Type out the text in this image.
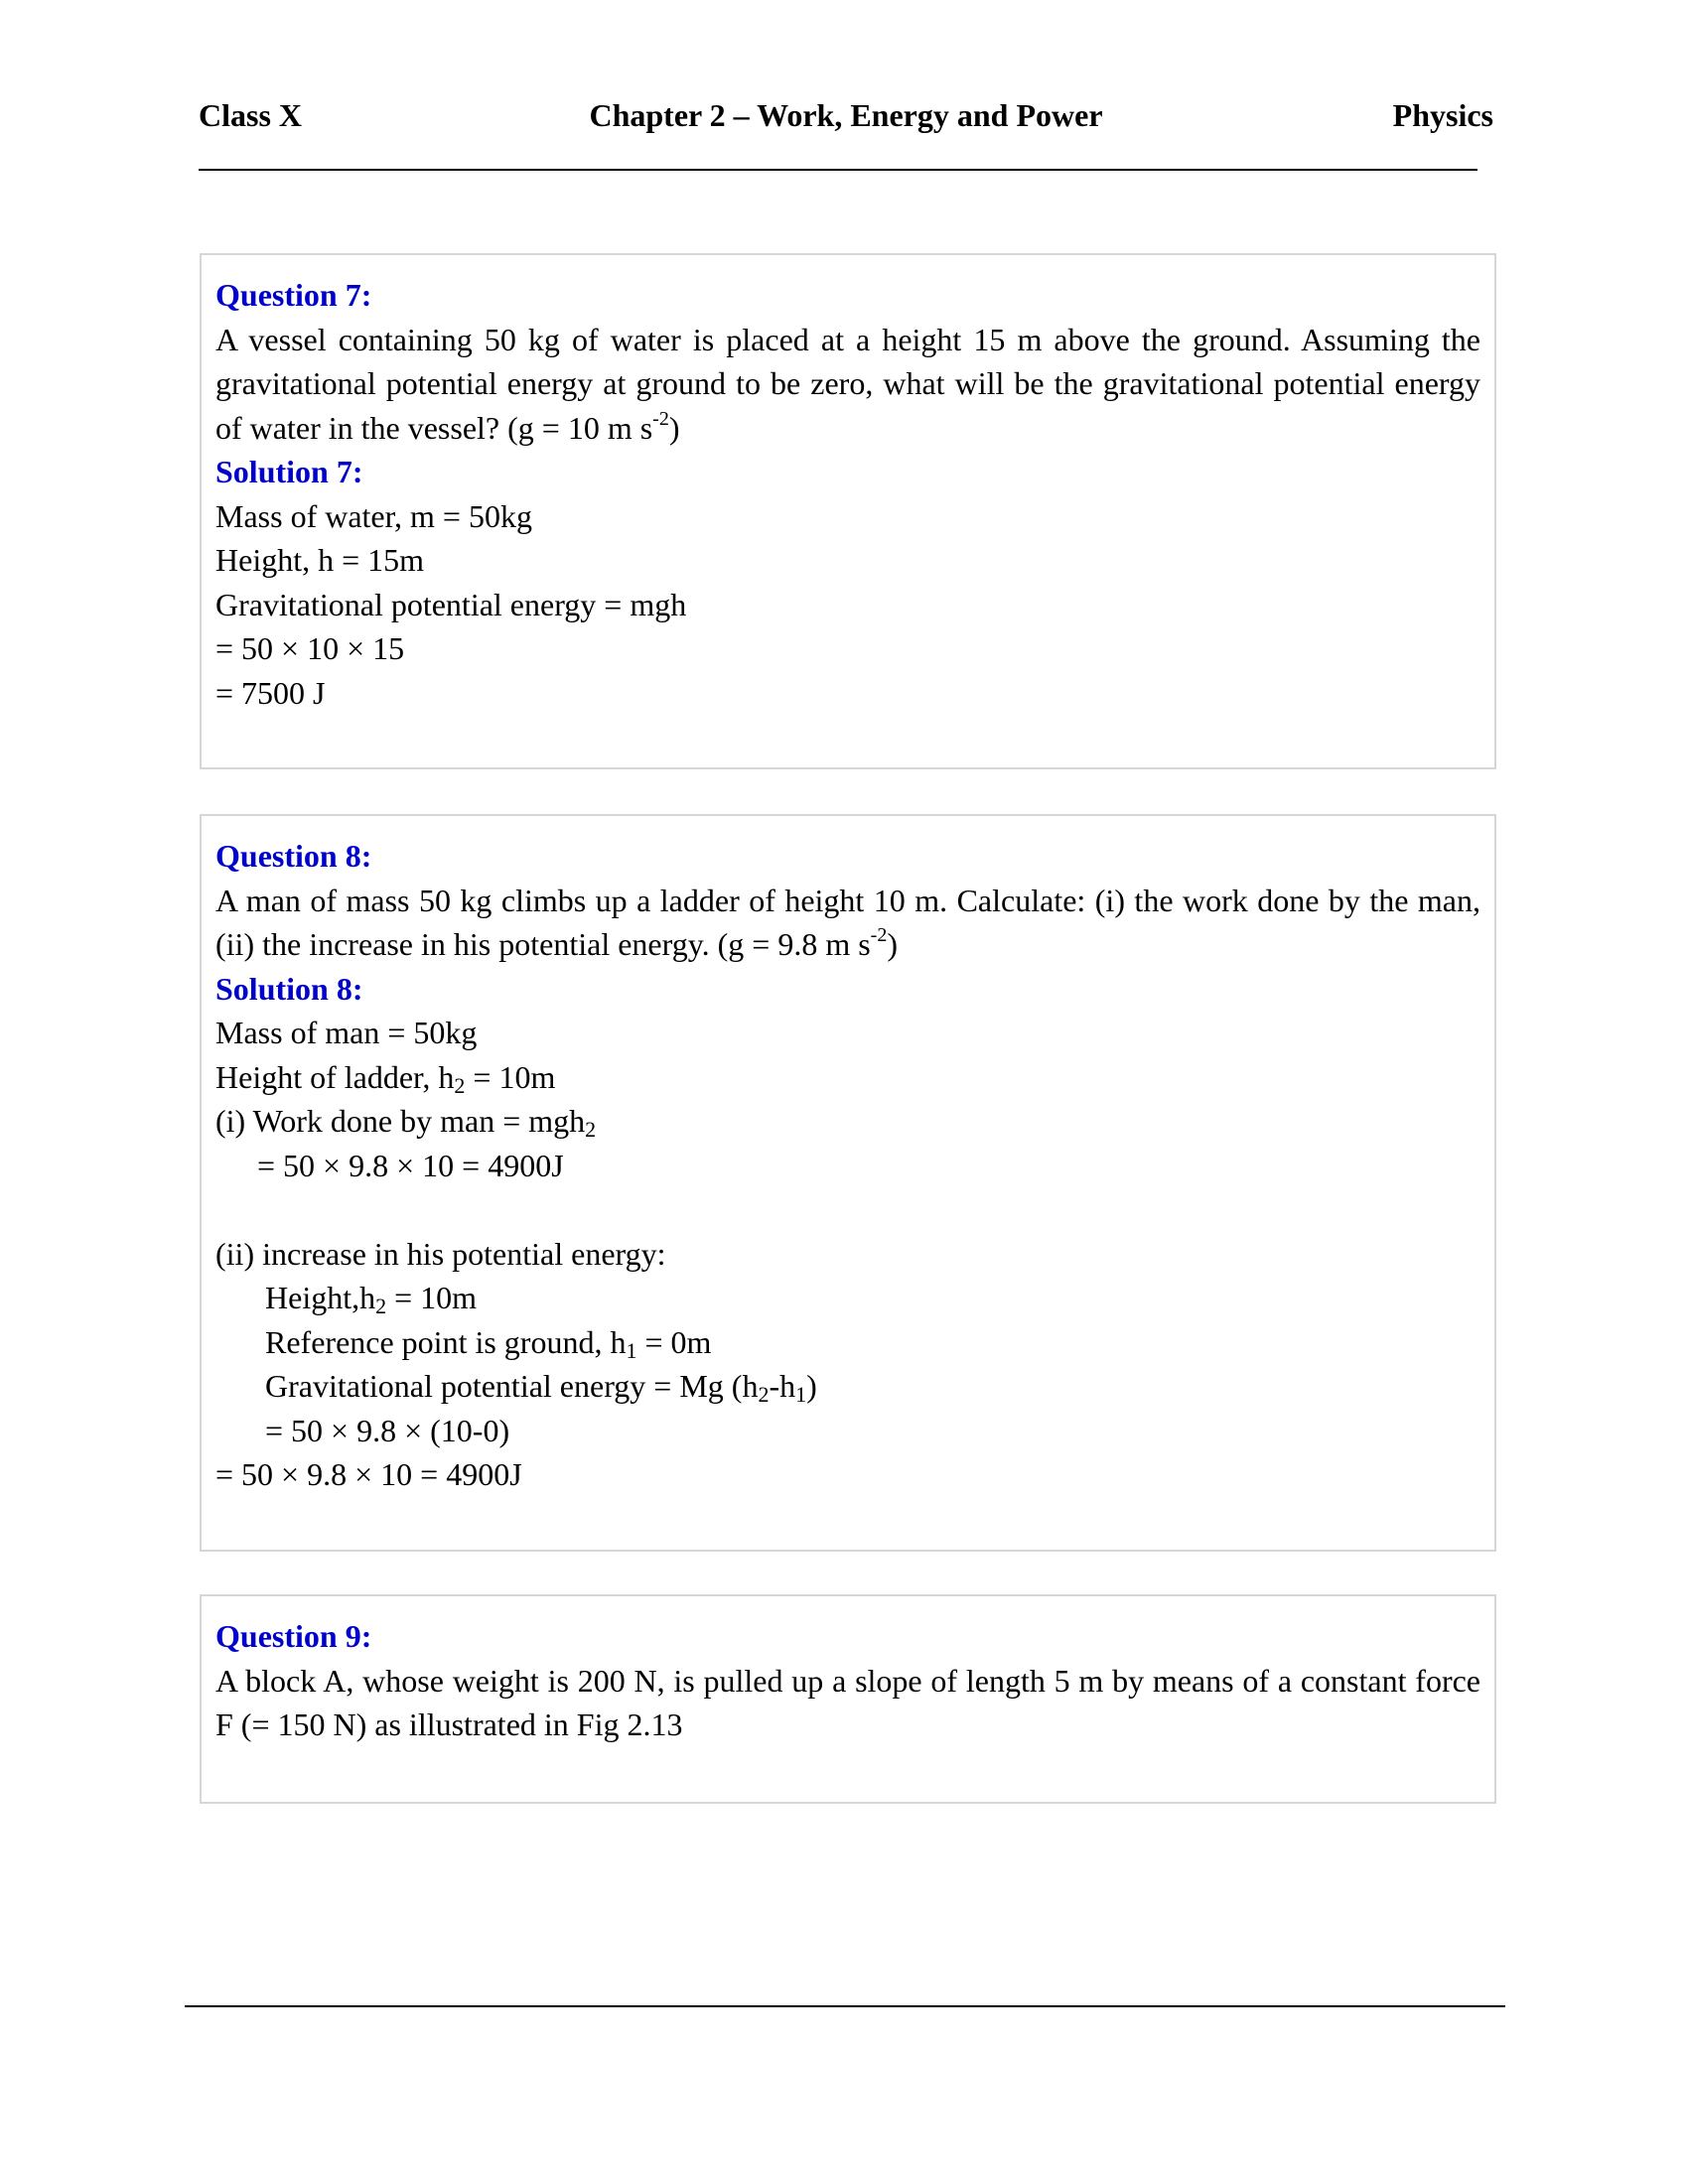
Class X	Chapter 2 – Work, Energy and Power	Physics
Question 7:
A vessel containing 50 kg of water is placed at a height 15 m above the ground. Assuming the gravitational potential energy at ground to be zero, what will be the gravitational potential energy of water in the vessel? (g = 10 m $s^{-2}$)
Solution 7:
Mass of water, m = 50kg
Height, h = 15m
Gravitational potential energy = mgh
= 50 × 10 × 15
= 7500 J
Question 8:
A man of mass 50 kg climbs up a ladder of height 10 m. Calculate: (i) the work done by the man, (ii) the increase in his potential energy. (g = 9.8 m $s^{-2}$)
Solution 8:
Mass of man = 50kg
Height of ladder, $h_2 = 10m$
(i) Work done by man = mgh$_2$
= 50 × 9.8 × 10 = 4900J
(ii) increase in his potential energy:
$Height,h_2 = 10m$
Reference point is ground, $h_1 = 0m$
Gravitational potential energy = Mg $(h_2-h_1)$
= 50 × 9.8 × (10-0)
= 50 × 9.8 × 10 = 4900J
Question 9:
A block A, whose weight is 200 N, is pulled up a slope of length 5 m by means of a constant force F (= 150 N) as illustrated in Fig 2.13
